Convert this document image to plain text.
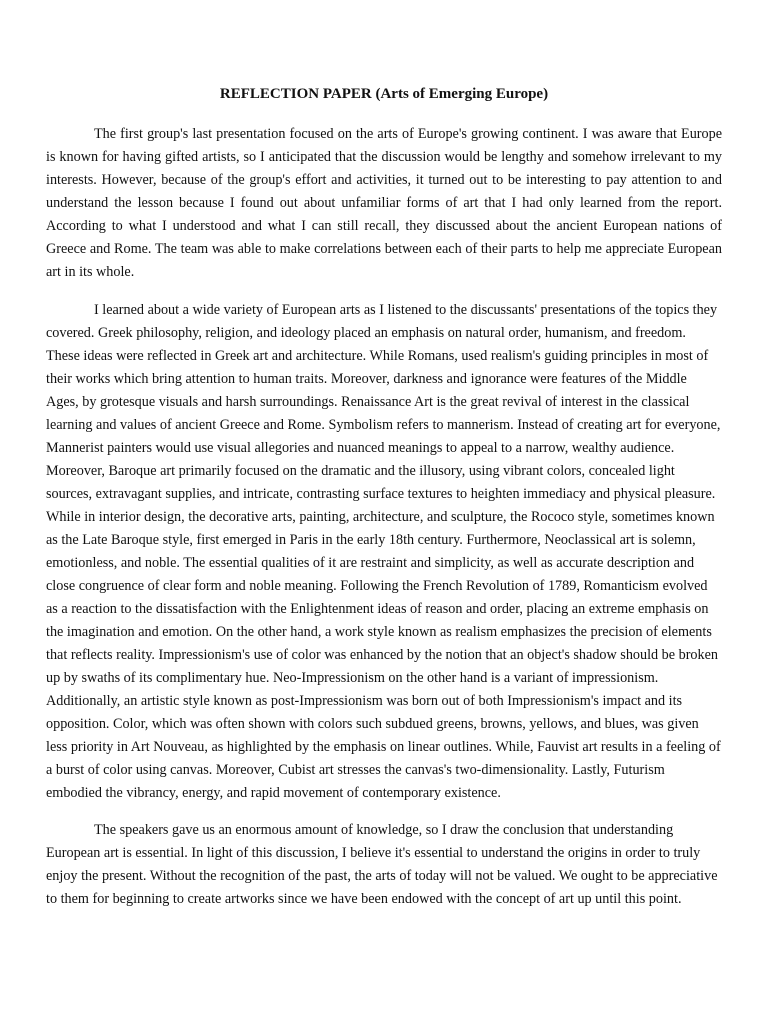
REFLECTION PAPER (Arts of Emerging Europe)

The first group's last presentation focused on the arts of Europe's growing continent. I was aware that Europe is known for having gifted artists, so I anticipated that the discussion would be lengthy and somehow irrelevant to my interests. However, because of the group's effort and activities, it turned out to be interesting to pay attention to and understand the lesson because I found out about unfamiliar forms of art that I had only learned from the report. According to what I understood and what I can still recall, they discussed about the ancient European nations of Greece and Rome. The team was able to make correlations between each of their parts to help me appreciate European art in its whole.

I learned about a wide variety of European arts as I listened to the discussants' presentations of the topics they covered. Greek philosophy, religion, and ideology placed an emphasis on natural order, humanism, and freedom. These ideas were reflected in Greek art and architecture. While Romans, used realism's guiding principles in most of their works which bring attention to human traits. Moreover, darkness and ignorance were features of the Middle Ages, by grotesque visuals and harsh surroundings. Renaissance Art is the great revival of interest in the classical learning and values of ancient Greece and Rome. Symbolism refers to mannerism. Instead of creating art for everyone, Mannerist painters would use visual allegories and nuanced meanings to appeal to a narrow, wealthy audience. Moreover, Baroque art primarily focused on the dramatic and the illusory, using vibrant colors, concealed light sources, extravagant supplies, and intricate, contrasting surface textures to heighten immediacy and physical pleasure. While in interior design, the decorative arts, painting, architecture, and sculpture, the Rococo style, sometimes known as the Late Baroque style, first emerged in Paris in the early 18th century. Furthermore, Neoclassical art is solemn, emotionless, and noble. The essential qualities of it are restraint and simplicity, as well as accurate description and close congruence of clear form and noble meaning. Following the French Revolution of 1789, Romanticism evolved as a reaction to the dissatisfaction with the Enlightenment ideas of reason and order, placing an extreme emphasis on the imagination and emotion. On the other hand, a work style known as realism emphasizes the precision of elements that reflects reality. Impressionism's use of color was enhanced by the notion that an object's shadow should be broken up by swaths of its complimentary hue. Neo-Impressionism on the other hand is a variant of impressionism. Additionally, an artistic style known as post-Impressionism was born out of both Impressionism's impact and its opposition. Color, which was often shown with colors such subdued greens, browns, yellows, and blues, was given less priority in Art Nouveau, as highlighted by the emphasis on linear outlines. While, Fauvist art results in a feeling of a burst of color using canvas. Moreover, Cubist art stresses the canvas's two-dimensionality. Lastly, Futurism embodied the vibrancy, energy, and rapid movement of contemporary existence.

The speakers gave us an enormous amount of knowledge, so I draw the conclusion that understanding European art is essential. In light of this discussion, I believe it's essential to understand the origins in order to truly enjoy the present. Without the recognition of the past, the arts of today will not be valued. We ought to be appreciative to them for beginning to create artworks since we have been endowed with the concept of art up until this point.
